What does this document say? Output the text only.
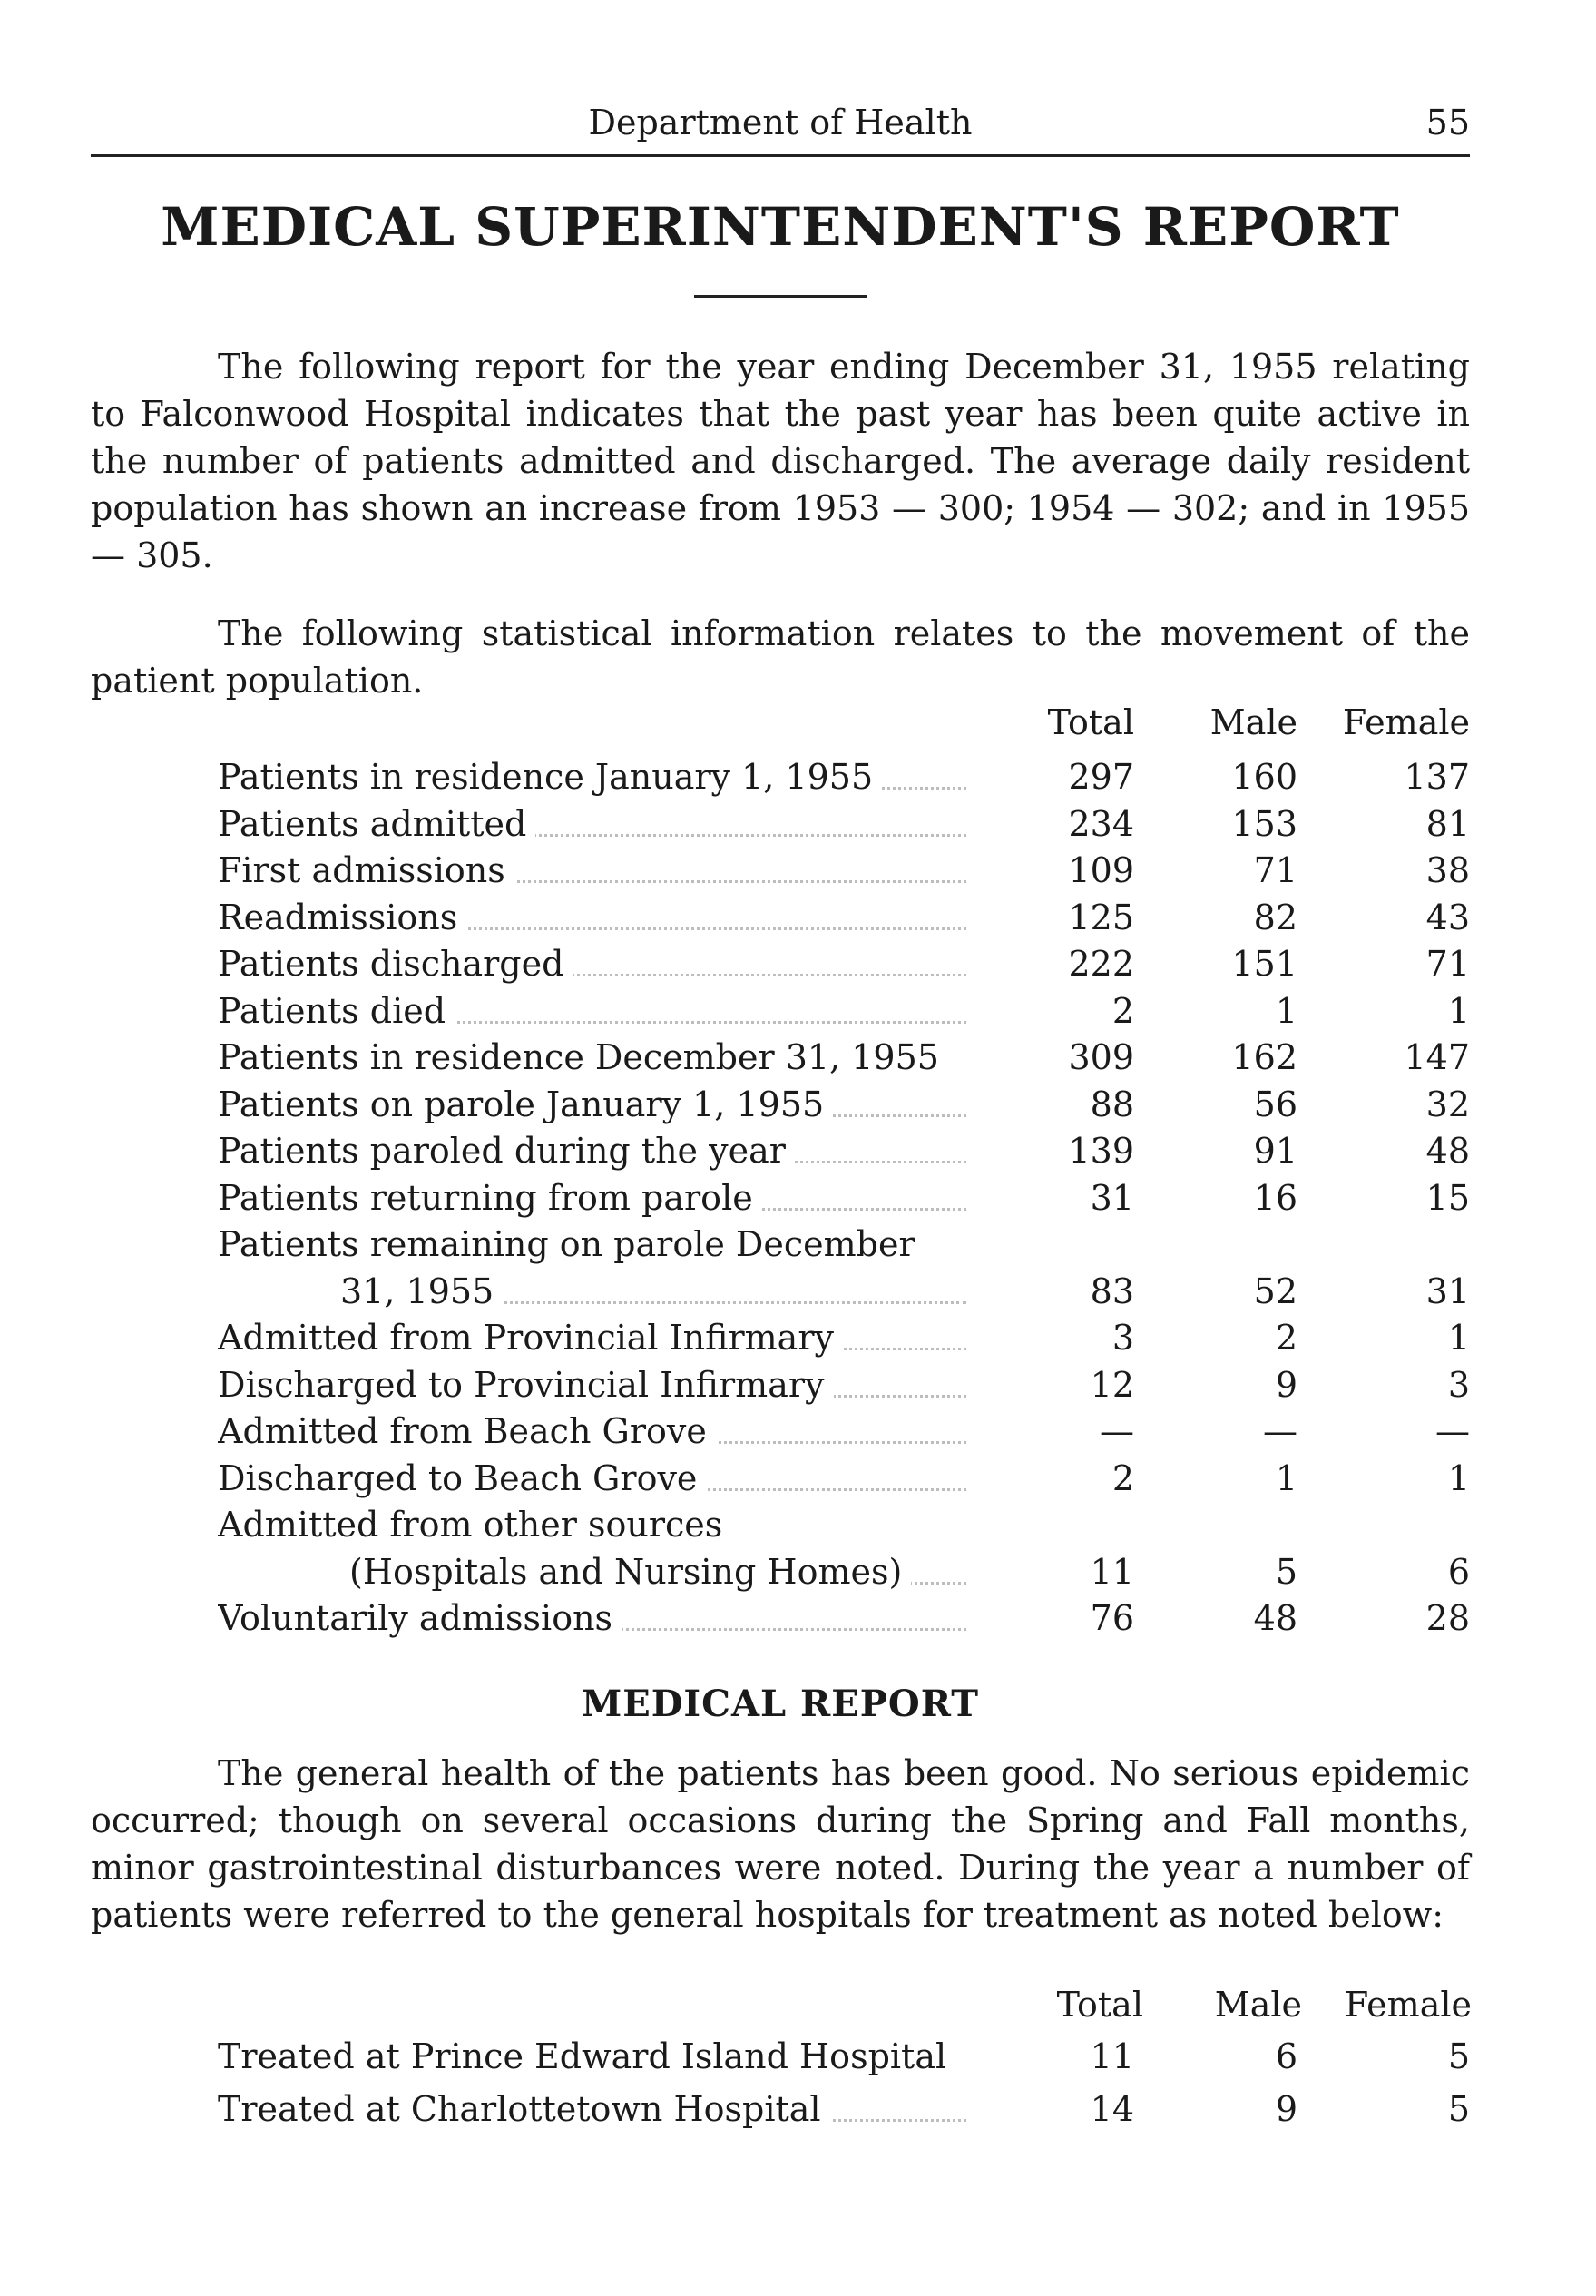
Department of Health	55
MEDICAL SUPERINTENDENT'S REPORT

The following report for the year ending December 31, 1955 relating to Falconwood Hospital indicates that the past year has been quite active in the number of patients admitted and discharged. The average daily resident population has shown an increase from 1953 — 300; 1954 — 302; and in 1955 — 305.

The following statistical information relates to the movement of the patient population.

Total	Male	Female
Patients in residence January 1, 1955	297	160	137
Patients admitted	234	153	81
First admissions	109	71	38
Readmissions	125	82	43
Patients discharged	222	151	71
Patients died	2	1	1
Patients in residence December 31, 1955	309	162	147
Patients on parole January 1, 1955	88	56	32
Patients paroled during the year	139	91	48
Patients returning from parole	31	16	15
Patients remaining on parole December
31, 1955	83	52	31
Admitted from Provincial Infirmary	3	2	1
Discharged to Provincial Infirmary	12	9	3
Admitted from Beach Grove	—	—	—
Discharged to Beach Grove	2	1	1
Admitted from other sources
(Hospitals and Nursing Homes)	11	5	6
Voluntarily admissions	76	48	28
MEDICAL REPORT

The general health of the patients has been good. No serious epidemic occurred; though on several occasions during the Spring and Fall months, minor gastrointestinal disturbances were noted. During the year a number of patients were referred to the general hospitals for treatment as noted below:

Total	Male	Female
Treated at Prince Edward Island Hospital	11	6	5
Treated at Charlottetown Hospital	14	9	5
